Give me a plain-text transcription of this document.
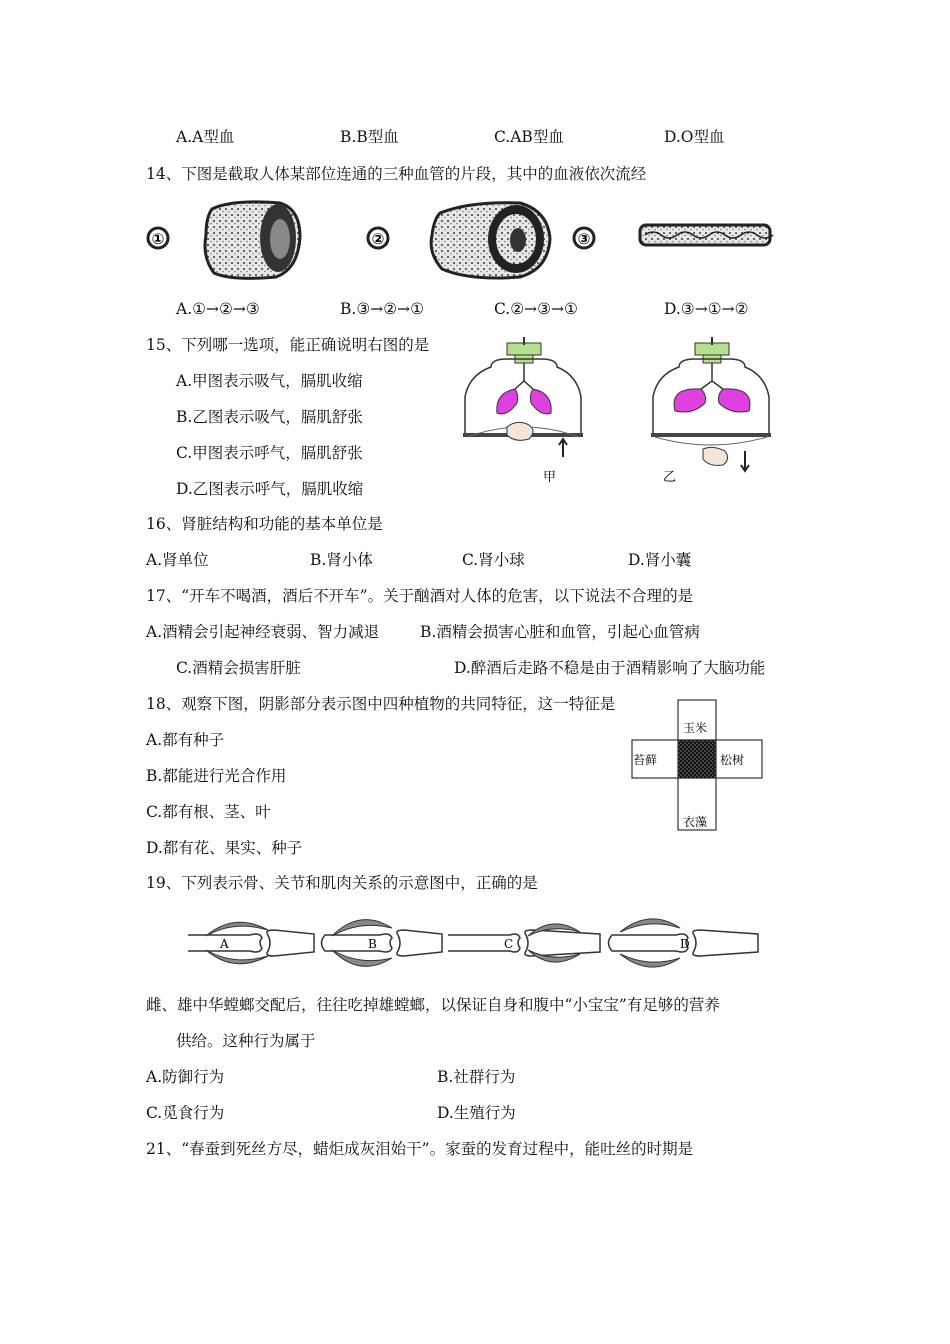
A.A型血	B.B型血	C.AB型血	D.O型血
14、下图是截取人体某部位连通的三种血管的片段，其中的血液依次流经
①	②	③
A.①→②→③	B.③→②→①	C.②→③→①	D.③→①→②
15、下列哪一选项，能正确说明右图的是
A.甲图表示吸气，膈肌收缩
B.乙图表示吸气，膈肌舒张
C.甲图表示呼气，膈肌舒张
D.乙图表示呼气，膈肌收缩
甲	乙
16、肾脏结构和功能的基本单位是
A.肾单位	B.肾小体	C.肾小球	D.肾小囊
17、“开车不喝酒，酒后不开车”。关于酗酒对人体的危害，以下说法不合理的是
A.酒精会引起神经衰弱、智力减退	B.酒精会损害心脏和血管，引起心血管病
C.酒精会损害肝脏	D.醉酒后走路不稳是由于酒精影响了大脑功能
18、观察下图，阴影部分表示图中四种植物的共同特征，这一特征是
A.都有种子
B.都能进行光合作用
C.都有根、茎、叶
D.都有花、果实、种子
玉米
苔藓	松树
衣藻
19、下列表示骨、关节和肌肉关系的示意图中，正确的是
A	B	C	D
雌、雄中华螳螂交配后，往往吃掉雄螳螂，以保证自身和腹中“小宝宝”有足够的营养
供给。这种行为属于
A.防御行为	B.社群行为
C.觅食行为	D.生殖行为
21、“春蚕到死丝方尽，蜡炬成灰泪始干”。家蚕的发育过程中，能吐丝的时期是
